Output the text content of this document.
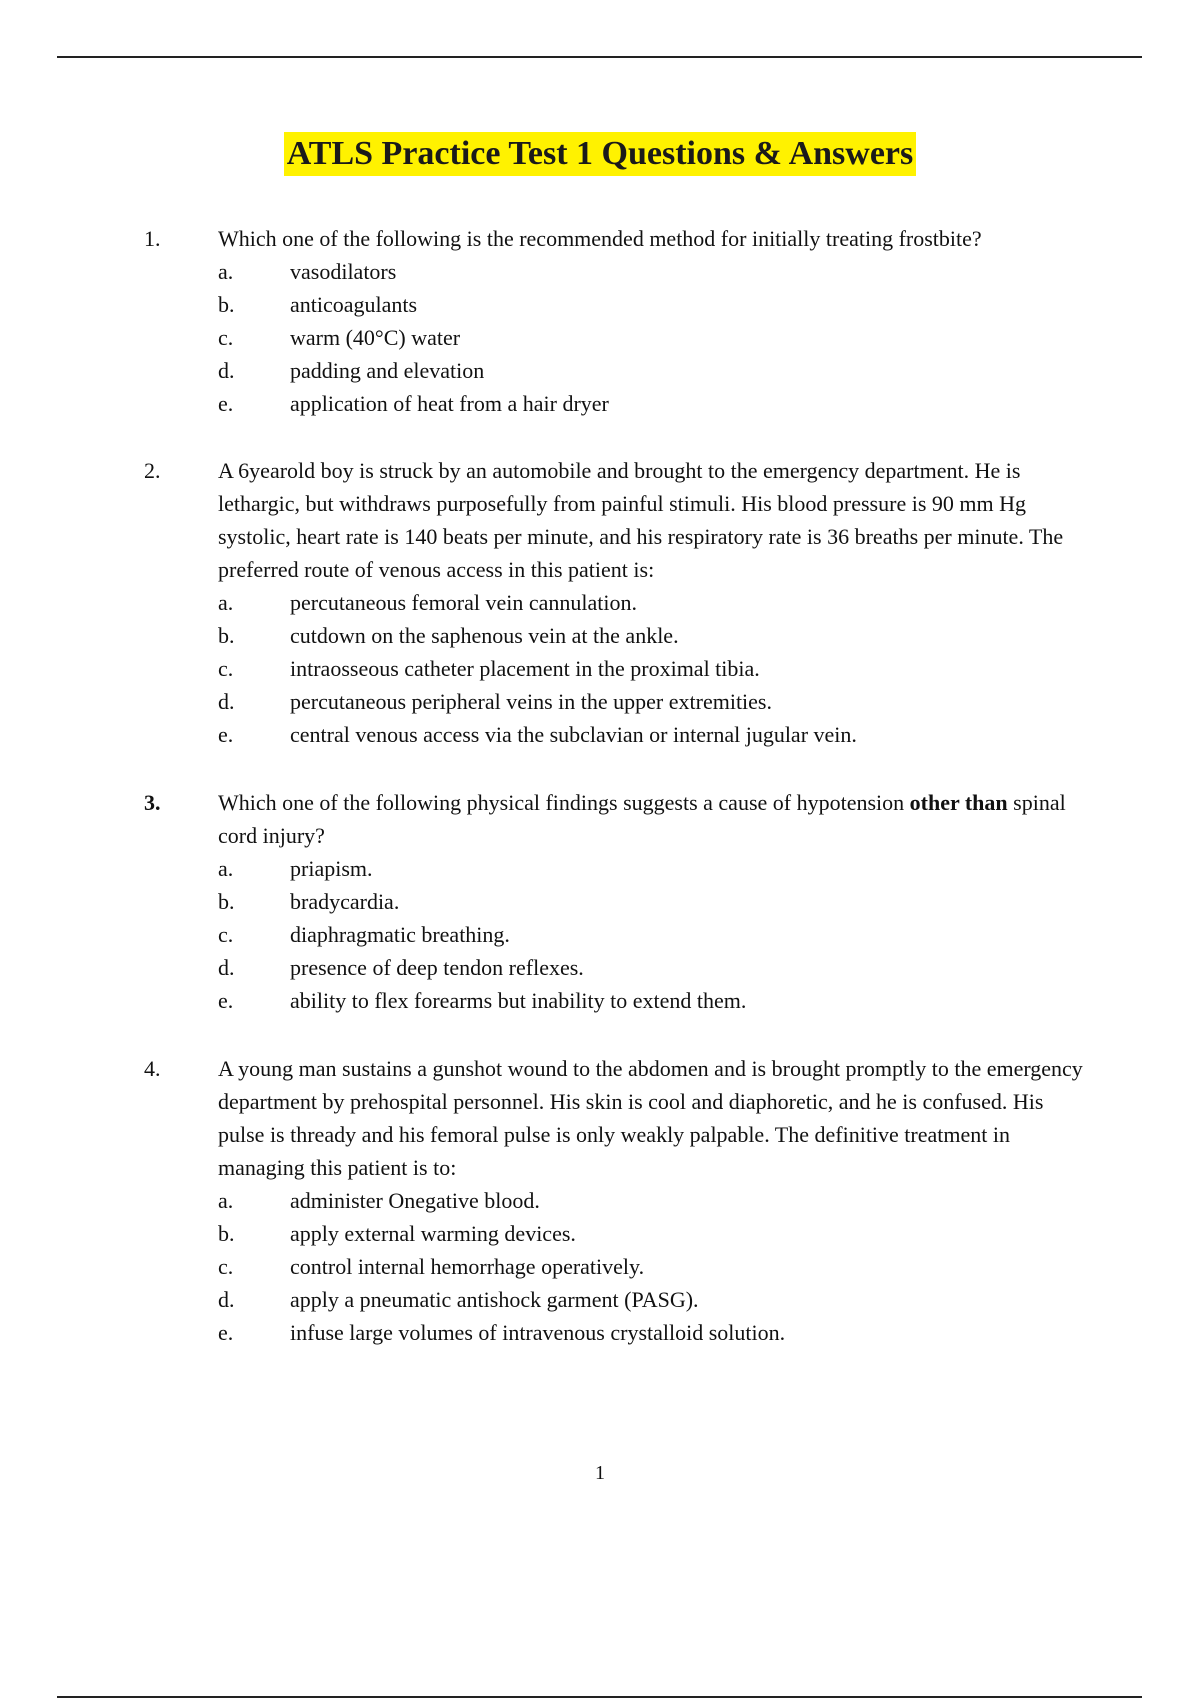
ATLS Practice Test 1 Questions & Answers
1.	Which one of the following is the recommended method for initially treating frostbite?
a.	vasodilators
b.	anticoagulants
c.	warm (40°C) water
d.	padding and elevation
e.	application of heat from a hair dryer
2.	A 6yearold boy is struck by an automobile and brought to the emergency department. He is lethargic, but withdraws purposefully from painful stimuli. His blood pressure is 90 mm Hg systolic, heart rate is 140 beats per minute, and his respiratory rate is 36 breaths per minute. The preferred route of venous access in this patient is:
a.	percutaneous femoral vein cannulation.
b.	cutdown on the saphenous vein at the ankle.
c.	intraosseous catheter placement in the proximal tibia.
d.	percutaneous peripheral veins in the upper extremities.
e.	central venous access via the subclavian or internal jugular vein.
3.	Which one of the following physical findings suggests a cause of hypotension other than spinal cord injury?
a.	priapism.
b.	bradycardia.
c.	diaphragmatic breathing.
d.	presence of deep tendon reflexes.
e.	ability to flex forearms but inability to extend them.
4.	A young man sustains a gunshot wound to the abdomen and is brought promptly to the emergency department by prehospital personnel. His skin is cool and diaphoretic, and he is confused. His pulse is thready and his femoral pulse is only weakly palpable. The definitive treatment in managing this patient is to:
a.	administer Onegative blood.
b.	apply external warming devices.
c.	control internal hemorrhage operatively.
d.	apply a pneumatic antishock garment (PASG).
e.	infuse large volumes of intravenous crystalloid solution.
1
